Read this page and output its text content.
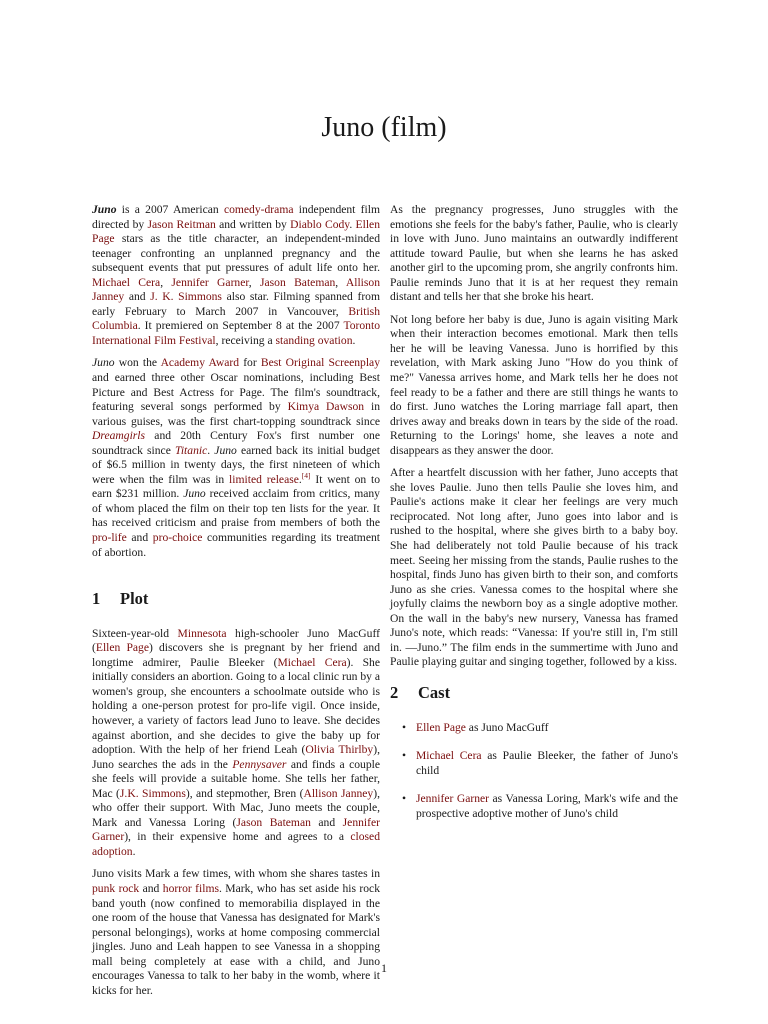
Juno (film)

Juno is a 2007 American comedy-drama independent film directed by Jason Reitman and written by Diablo Cody. Ellen Page stars as the title character, an independent-minded teenager confronting an unplanned pregnancy and the subsequent events that put pressures of adult life onto her. Michael Cera, Jennifer Garner, Jason Bateman, Allison Janney and J. K. Simmons also star. Filming spanned from early February to March 2007 in Vancouver, British Columbia. It premiered on September 8 at the 2007 Toronto International Film Festival, receiving a standing ovation.

Juno won the Academy Award for Best Original Screenplay and earned three other Oscar nominations, including Best Picture and Best Actress for Page. The film's soundtrack, featuring several songs performed by Kimya Dawson in various guises, was the first chart-topping soundtrack since Dreamgirls and 20th Century Fox's first number one soundtrack since Titanic. Juno earned back its initial budget of $6.5 million in twenty days, the first nineteen of which were when the film was in limited release.[4] It went on to earn $231 million. Juno received acclaim from critics, many of whom placed the film on their top ten lists for the year. It has received criticism and praise from members of both the pro-life and pro-choice communities regarding its treatment of abortion.

1 Plot

Sixteen-year-old Minnesota high-schooler Juno MacGuff (Ellen Page) discovers she is pregnant by her friend and longtime admirer, Paulie Bleeker (Michael Cera). She initially considers an abortion. Going to a local clinic run by a women's group, she encounters a schoolmate outside who is holding a one-person protest for pro-life vigil. Once inside, however, a variety of factors lead Juno to leave. She decides against abortion, and she decides to give the baby up for adoption. With the help of her friend Leah (Olivia Thirlby), Juno searches the ads in the Pennysaver and finds a couple she feels will provide a suitable home. She tells her father, Mac (J.K. Simmons), and stepmother, Bren (Allison Janney), who offer their support. With Mac, Juno meets the couple, Mark and Vanessa Loring (Jason Bateman and Jennifer Garner), in their expensive home and agrees to a closed adoption.

Juno visits Mark a few times, with whom she shares tastes in punk rock and horror films. Mark, who has set aside his rock band youth (now confined to memorabilia displayed in the one room of the house that Vanessa has designated for Mark's personal belongings), works at home composing commercial jingles. Juno and Leah happen to see Vanessa in a shopping mall being completely at ease with a child, and Juno encourages Vanessa to talk to her baby in the womb, where it kicks for her.

As the pregnancy progresses, Juno struggles with the emotions she feels for the baby's father, Paulie, who is clearly in love with Juno. Juno maintains an outwardly indifferent attitude toward Paulie, but when she learns he has asked another girl to the upcoming prom, she angrily confronts him. Paulie reminds Juno that it is at her request they remain distant and tells her that she broke his heart.

Not long before her baby is due, Juno is again visiting Mark when their interaction becomes emotional. Mark then tells her he will be leaving Vanessa. Juno is horrified by this revelation, with Mark asking Juno "How do you think of me?" Vanessa arrives home, and Mark tells her he does not feel ready to be a father and there are still things he wants to do first. Juno watches the Loring marriage fall apart, then drives away and breaks down in tears by the side of the road. Returning to the Lorings' home, she leaves a note and disappears as they answer the door.

After a heartfelt discussion with her father, Juno accepts that she loves Paulie. Juno then tells Paulie she loves him, and Paulie's actions make it clear her feelings are very much reciprocated. Not long after, Juno goes into labor and is rushed to the hospital, where she gives birth to a baby boy. She had deliberately not told Paulie because of his track meet. Seeing her missing from the stands, Paulie rushes to the hospital, finds Juno has given birth to their son, and comforts Juno as she cries. Vanessa comes to the hospital where she joyfully claims the newborn boy as a single adoptive mother. On the wall in the baby's new nursery, Vanessa has framed Juno's note, which reads: “Vanessa: If you're still in, I'm still in. —Juno.” The film ends in the summertime with Juno and Paulie playing guitar and singing together, followed by a kiss.

2 Cast
• Ellen Page as Juno MacGuff
• Michael Cera as Paulie Bleeker, the father of Juno's child
• Jennifer Garner as Vanessa Loring, Mark's wife and the prospective adoptive mother of Juno's child
1
